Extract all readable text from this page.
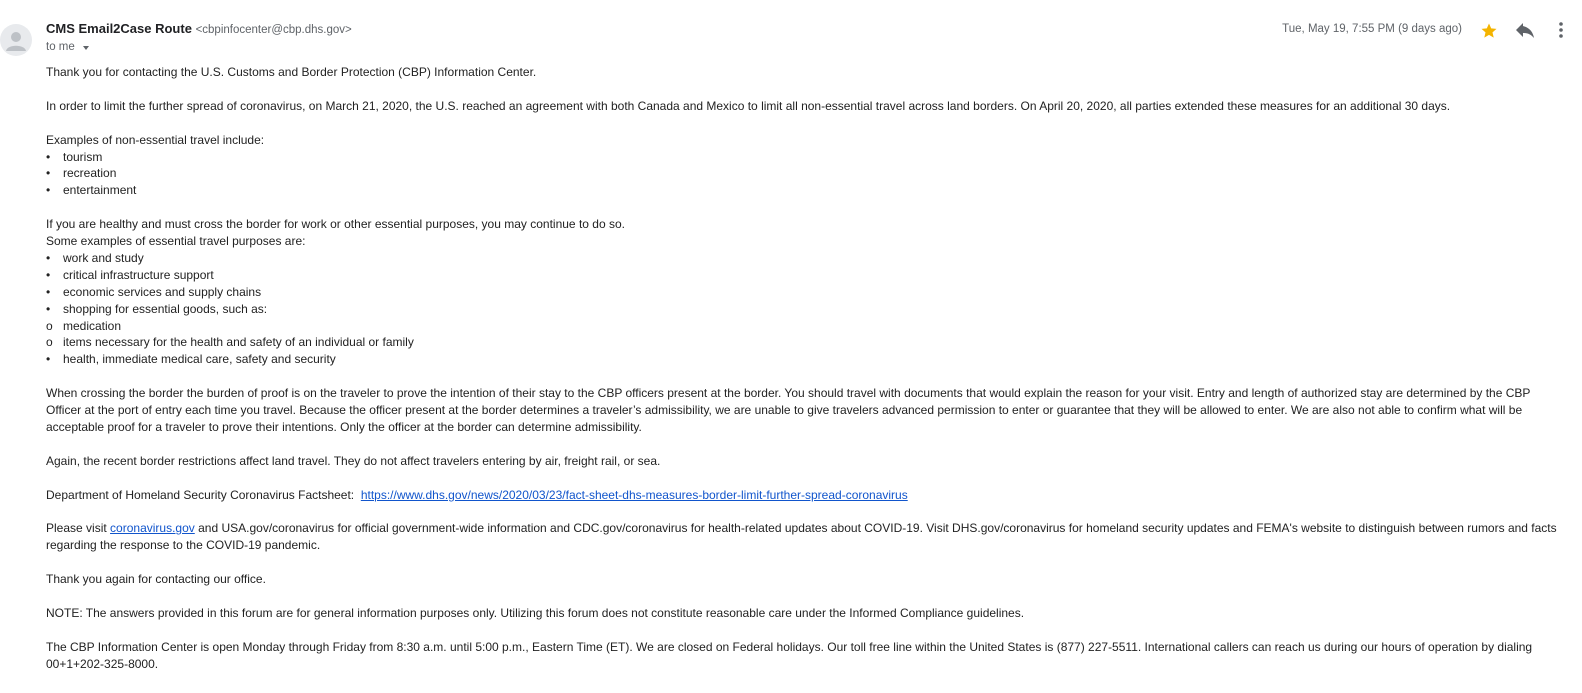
CMS Email2Case Route <cbpinfocenter@cbp.dhs.gov>
to me
Tue, May 19, 7:55 PM (9 days ago)

Thank you for contacting the U.S. Customs and Border Protection (CBP) Information Center.

In order to limit the further spread of coronavirus, on March 21, 2020, the U.S. reached an agreement with both Canada and Mexico to limit all non-essential travel across land borders. On April 20, 2020, all parties extended these measures for an additional 30 days.

Examples of non-essential travel include:

• tourism
• recreation
• entertainment

If you are healthy and must cross the border for work or other essential purposes, you may continue to do so.

Some examples of essential travel purposes are:

• work and study
• critical infrastructure support
• economic services and supply chains
• shopping for essential goods, such as:
o medication
o items necessary for the health and safety of an individual or family
• health, immediate medical care, safety and security

When crossing the border the burden of proof is on the traveler to prove the intention of their stay to the CBP officers present at the border. You should travel with documents that would explain the reason for your visit. Entry and length of authorized stay are determined by the CBP Officer at the port of entry each time you travel. Because the officer present at the border determines a traveler’s admissibility, we are unable to give travelers advanced permission to enter or guarantee that they will be allowed to enter. We are also not able to confirm what will be acceptable proof for a traveler to prove their intentions. Only the officer at the border can determine admissibility.

Again, the recent border restrictions affect land travel. They do not affect travelers entering by air, freight rail, or sea.

Department of Homeland Security Coronavirus Factsheet: https://www.dhs.gov/news/2020/03/23/fact-sheet-dhs-measures-border-limit-further-spread-coronavirus

Please visit coronavirus.gov and USA.gov/coronavirus for official government-wide information and CDC.gov/coronavirus for health-related updates about COVID-19. Visit DHS.gov/coronavirus for homeland security updates and FEMA's website to distinguish between rumors and facts regarding the response to the COVID-19 pandemic.

Thank you again for contacting our office.

NOTE: The answers provided in this forum are for general information purposes only. Utilizing this forum does not constitute reasonable care under the Informed Compliance guidelines.

The CBP Information Center is open Monday through Friday from 8:30 a.m. until 5:00 p.m., Eastern Time (ET). We are closed on Federal holidays. Our toll free line within the United States is (877) 227-5511. International callers can reach us during our hours of operation by dialing 00+1+202-325-8000.
